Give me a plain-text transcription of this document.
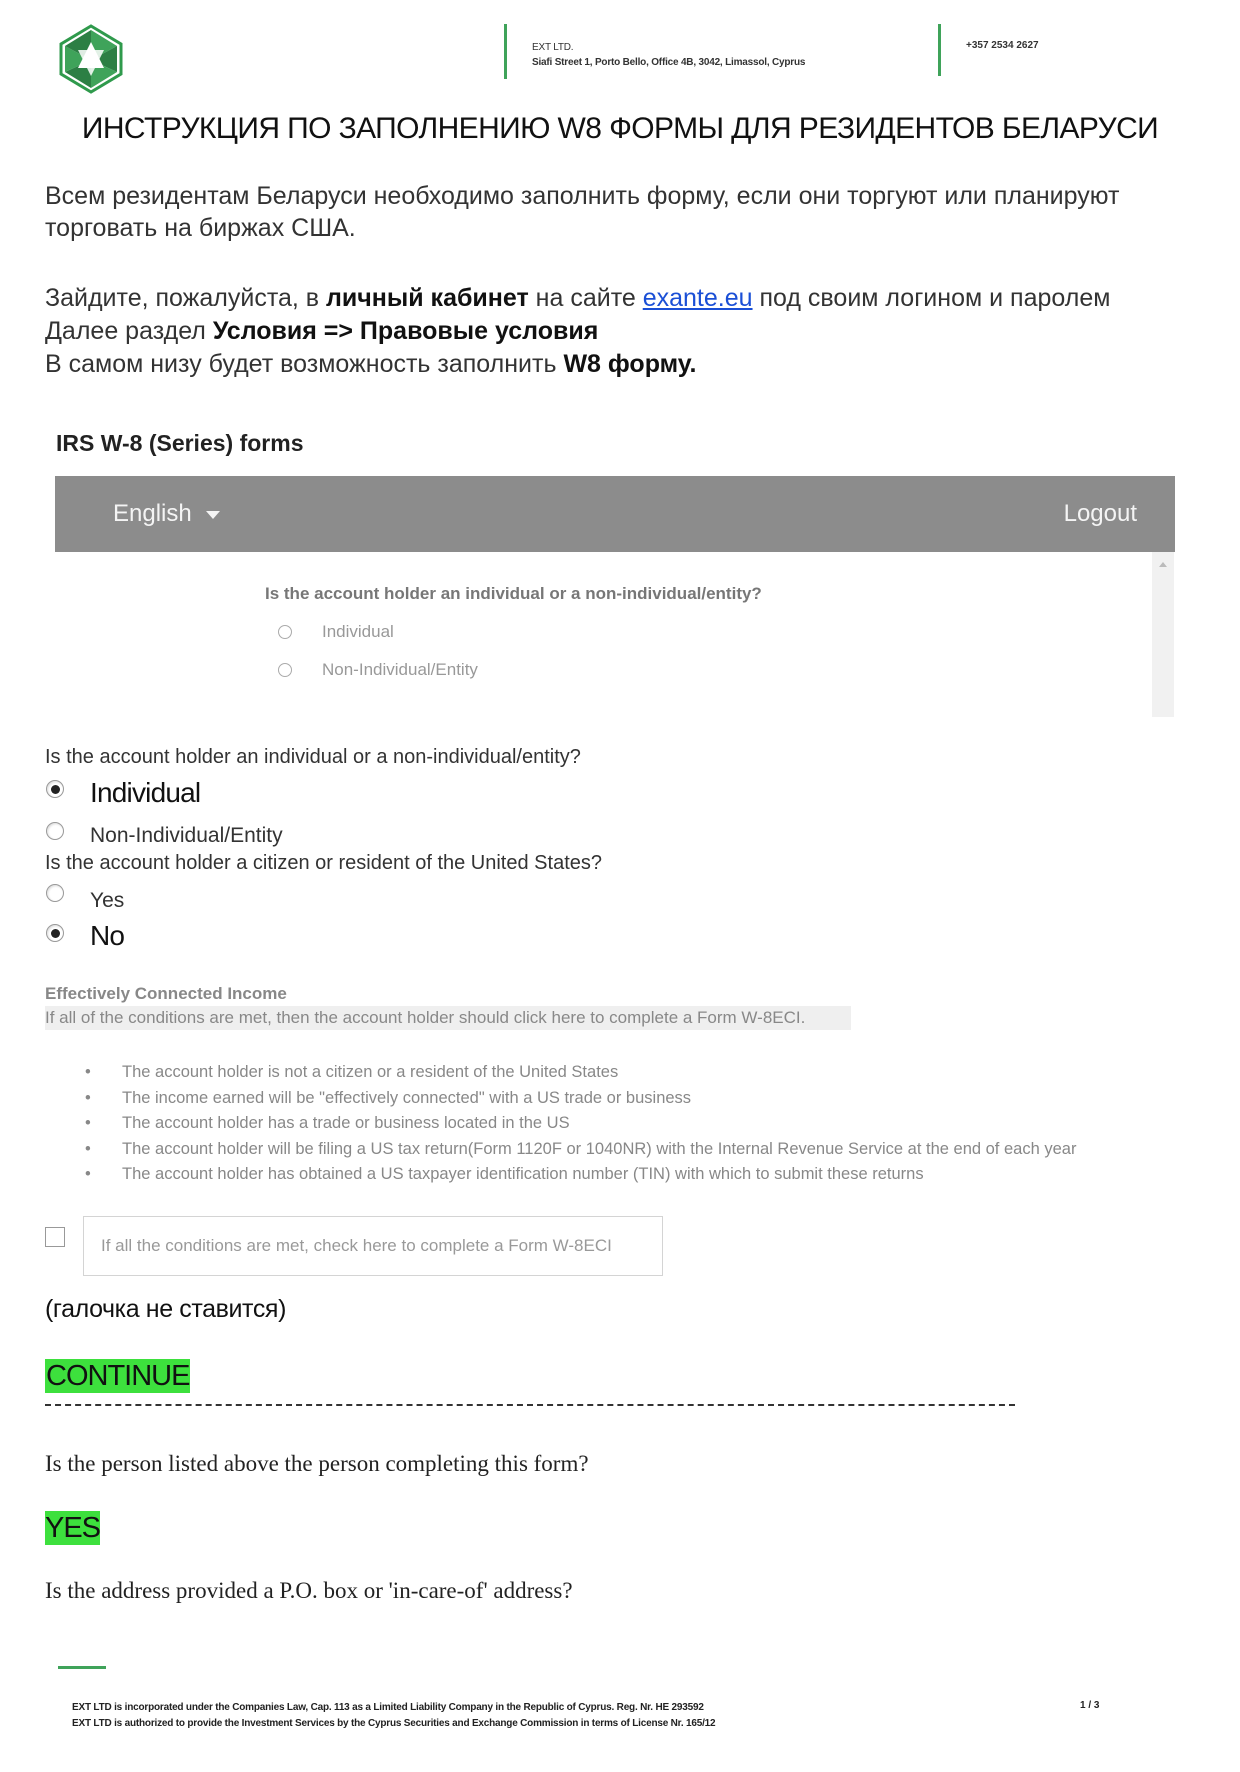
EXT LTD.
Siafi Street 1, Porto Bello, Office 4B, 3042, Limassol, Cyprus
+357 2534 2627
ИНСТРУКЦИЯ ПО ЗАПОЛНЕНИЮ W8 ФОРМЫ ДЛЯ РЕЗИДЕНТОВ БЕЛАРУСИ
Всем резидентам Беларуси необходимо заполнить форму, если они торгуют или планируют торговать на биржах США.
Зайдите, пожалуйста, в личный кабинет на сайте exante.eu под своим логином и паролем
Далее раздел Условия => Правовые условия
В самом низу будет возможность заполнить W8 форму.
IRS W-8 (Series) forms
English	Logout
Is the account holder an individual or a non-individual/entity?
Individual
Non-Individual/Entity
Is the account holder an individual or a non-individual/entity?
Individual
Non-Individual/Entity
Is the account holder a citizen or resident of the United States?
Yes
No
Effectively Connected Income
If all of the conditions are met, then the account holder should click here to complete a Form W-8ECI.
• The account holder is not a citizen or a resident of the United States
• The income earned will be "effectively connected" with a US trade or business
• The account holder has a trade or business located in the US
• The account holder will be filing a US tax return(Form 1120F or 1040NR) with the Internal Revenue Service at the end of each year
• The account holder has obtained a US taxpayer identification number (TIN) with which to submit these returns
If all the conditions are met, check here to complete a Form W-8ECI
(галочка не ставится)
CONTINUE
Is the person listed above the person completing this form?
YES
Is the address provided a P.O. box or 'in-care-of' address?
EXT LTD is incorporated under the Companies Law, Cap. 113 as a Limited Liability Company in the Republic of Cyprus. Reg. Nr. HE 293592
EXT LTD is authorized to provide the Investment Services by the Cyprus Securities and Exchange Commission in terms of License Nr. 165/12
1 / 3
